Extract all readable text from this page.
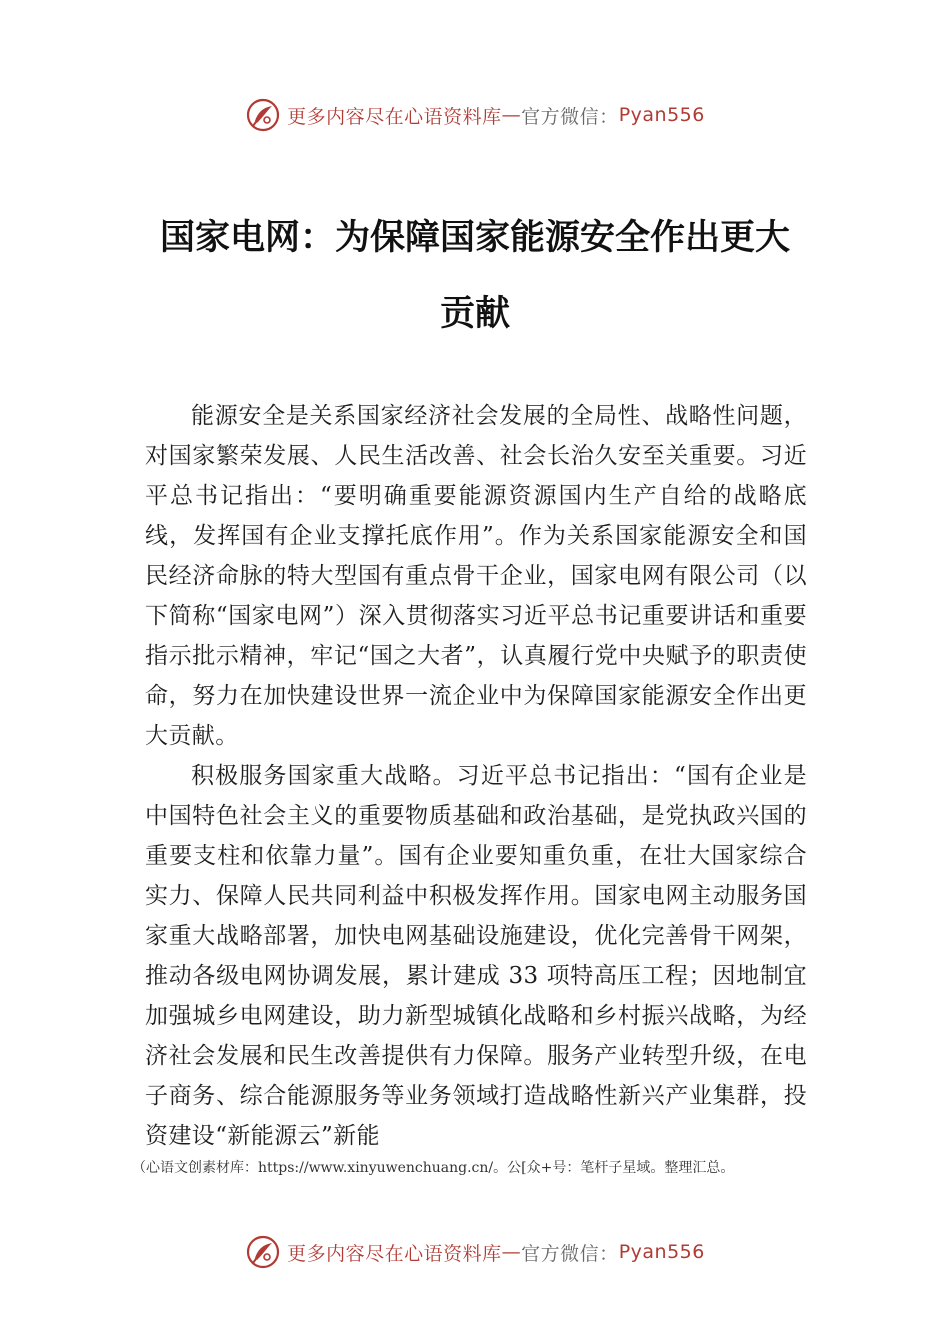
更多内容尽在心语资料库 — 官方微信： Pyan556
国家电网：为保障国家能源安全作出更大
贡献

能源安全是关系国家经济社会发展的全局性、战略性问题，对国家繁荣发展、人民生活改善、社会长治久安至关重要。习近平总书记指出：“要明确重要能源资源国内生产自给的战略底线，发挥国有企业支撑托底作用”。作为关系国家能源安全和国民经济命脉的特大型国有重点骨干企业，国家电网有限公司（以下简称“国家电网”）深入贯彻落实习近平总书记重要讲话和重要指示批示精神，牢记“国之大者”，认真履行党中央赋予的职责使命，努力在加快建设世界一流企业中为保障国家能源安全作出更大贡献。

积极服务国家重大战略。习近平总书记指出：“国有企业是中国特色社会主义的重要物质基础和政治基础，是党执政兴国的重要支柱和依靠力量”。国有企业要知重负重，在壮大国家综合实力、保障人民共同利益中积极发挥作用。国家电网主动服务国家重大战略部署，加快电网基础设施建设，优化完善骨干网架，推动各级电网协调发展，累计建成 33 项特高压工程；因地制宜加强城乡电网建设，助力新型城镇化战略和乡村振兴战略，为经济社会发展和民生改善提供有力保障。服务产业转型升级，在电子商务、综合能源服务等业务领域打造战略性新兴产业集群，投资建设“新能源云”新能

（心语文创素材库：https://www.xinyuwenchuang.cn/。公[众+号：笔杆子星域。整理汇总。
更多内容尽在心语资料库 — 官方微信： Pyan556
